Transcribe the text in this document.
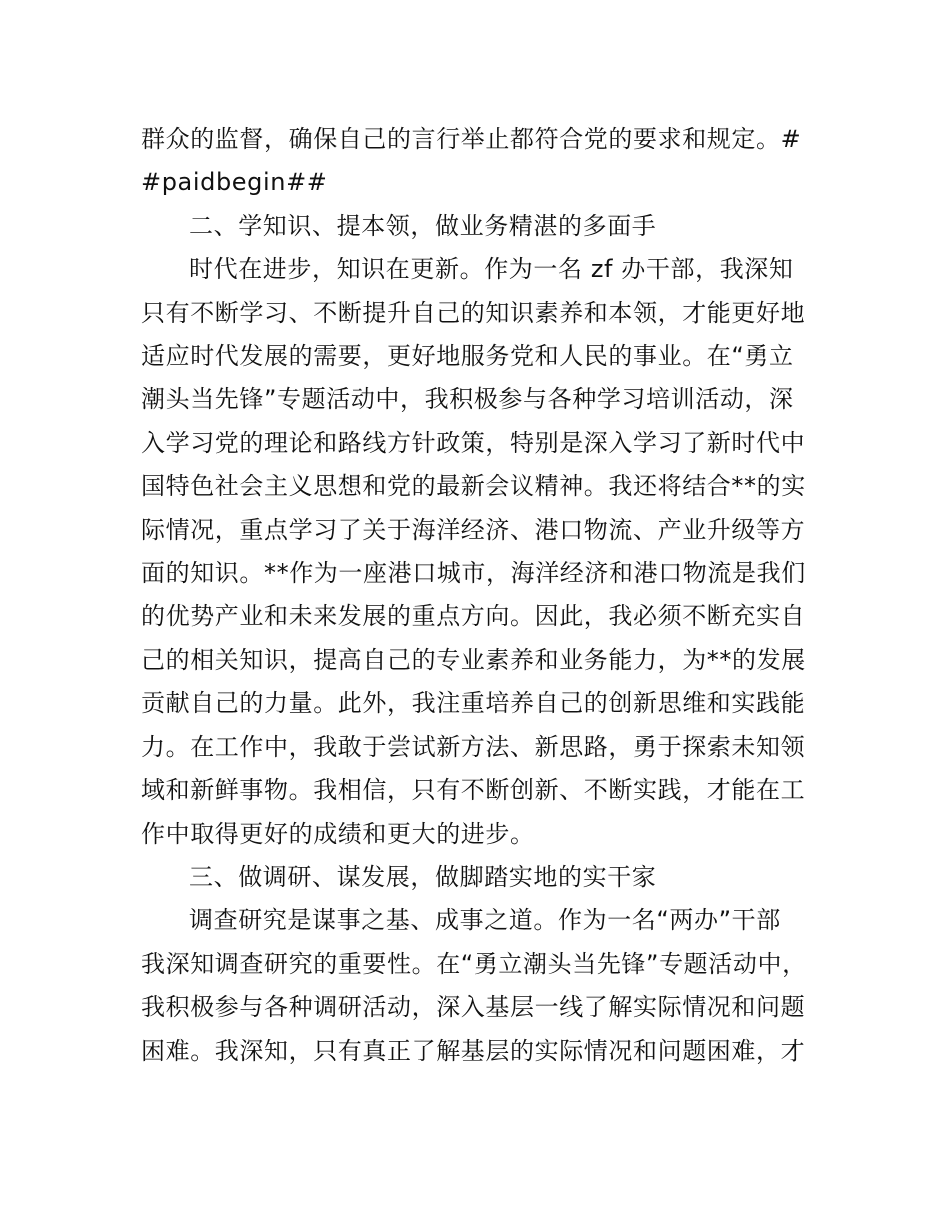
群众的监督，确保自己的言行举止都符合党的要求和规定。#
#paidbegin##
二、学知识、提本领，做业务精湛的多面手
时代在进步，知识在更新。作为一名 zf 办干部，我深知
只有不断学习、不断提升自己的知识素养和本领，才能更好地
适应时代发展的需要，更好地服务党和人民的事业。在“勇立
潮头当先锋”专题活动中，我积极参与各种学习培训活动，深
入学习党的理论和路线方针政策，特别是深入学习了新时代中
国特色社会主义思想和党的最新会议精神。我还将结合**的实
际情况，重点学习了关于海洋经济、港口物流、产业升级等方
面的知识。**作为一座港口城市，海洋经济和港口物流是我们
的优势产业和未来发展的重点方向。因此，我必须不断充实自
己的相关知识，提高自己的专业素养和业务能力，为**的发展
贡献自己的力量。此外，我注重培养自己的创新思维和实践能
力。在工作中，我敢于尝试新方法、新思路，勇于探索未知领
域和新鲜事物。我相信，只有不断创新、不断实践，才能在工
作中取得更好的成绩和更大的进步。
三、做调研、谋发展，做脚踏实地的实干家
调查研究是谋事之基、成事之道。作为一名“两办”干部
我深知调查研究的重要性。在“勇立潮头当先锋”专题活动中，
我积极参与各种调研活动，深入基层一线了解实际情况和问题
困难。我深知，只有真正了解基层的实际情况和问题困难，才
